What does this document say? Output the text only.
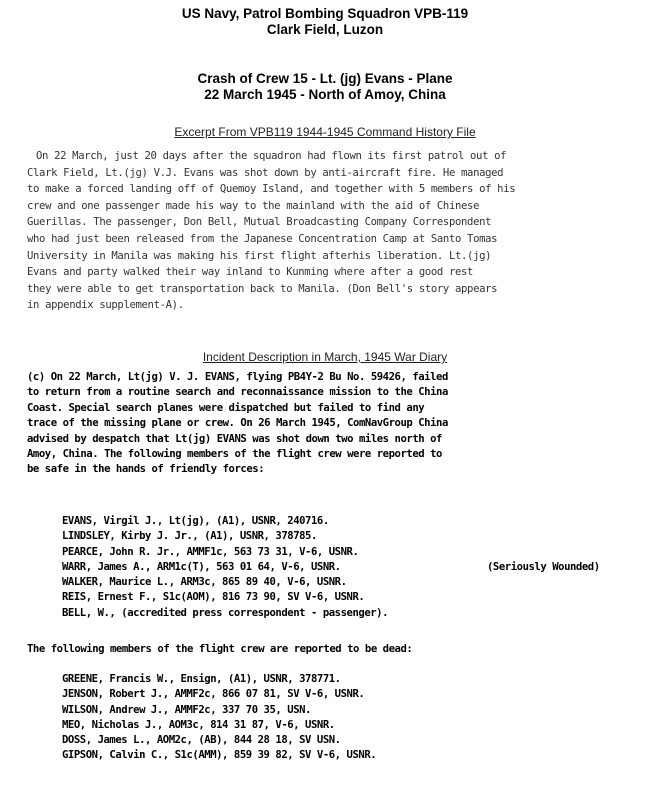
US Navy, Patrol Bombing Squadron VPB-119
Clark Field, Luzon
Crash of Crew 15 - Lt. (jg) Evans - Plane
22 March 1945 - North of Amoy, China
Excerpt From VPB119 1944-1945 Command History File
On 22 March, just 20 days after the squadron had flown its first patrol out of
Clark Field, Lt.(jg) V.J. Evans was shot down by anti-aircraft fire. He managed
to make a forced landing off of Quemoy Island, and together with 5 members of his
crew and one passenger made his way to the mainland with the aid of Chinese
Guerillas. The passenger, Don Bell, Mutual Broadcasting Company Correspondent
who had just been released from the Japanese Concentration Camp at Santo Tomas
University in Manila was making his first flight afterhis liberation. Lt.(jg)
Evans and party walked their way inland to Kunming where after a good rest
they were able to get transportation back to Manila. (Don Bell's story appears
in appendix supplement-A).
Incident Description in March, 1945 War Diary
(c) On 22 March, Lt(jg) V. J. EVANS, flying PB4Y-2 Bu No. 59426, failed
to return from a routine search and reconnaissance mission to the China
Coast. Special search planes were dispatched but failed to find any
trace of the missing plane or crew. On 26 March 1945, ComNavGroup China
advised by despatch that Lt(jg) EVANS was shot down two miles north of
Amoy, China. The following members of the flight crew were reported to
be safe in the hands of friendly forces:
EVANS, Virgil J., Lt(jg), (A1), USNR, 240716.
LINDSLEY, Kirby J. Jr., (A1), USNR, 378785.
PEARCE, John R. Jr., AMMF1c, 563 73 31, V-6, USNR.
WARR, James A., ARM1c(T), 563 01 64, V-6, USNR.	(Seriously Wounded)
WALKER, Maurice L., ARM3c, 865 89 40, V-6, USNR.
REIS, Ernest F., S1c(AOM), 816 73 90, SV V-6, USNR.
BELL, W., (accredited press correspondent - passenger).
The following members of the flight crew are reported to be dead:
GREENE, Francis W., Ensign, (A1), USNR, 378771.
JENSON, Robert J., AMMF2c, 866 07 81, SV V-6, USNR.
WILSON, Andrew J., AMMF2c, 337 70 35, USN.
MEO, Nicholas J., AOM3c, 814 31 87, V-6, USNR.
DOSS, James L., AOM2c, (AB), 844 28 18, SV USN.
GIPSON, Calvin C., S1c(AMM), 859 39 82, SV V-6, USNR.
